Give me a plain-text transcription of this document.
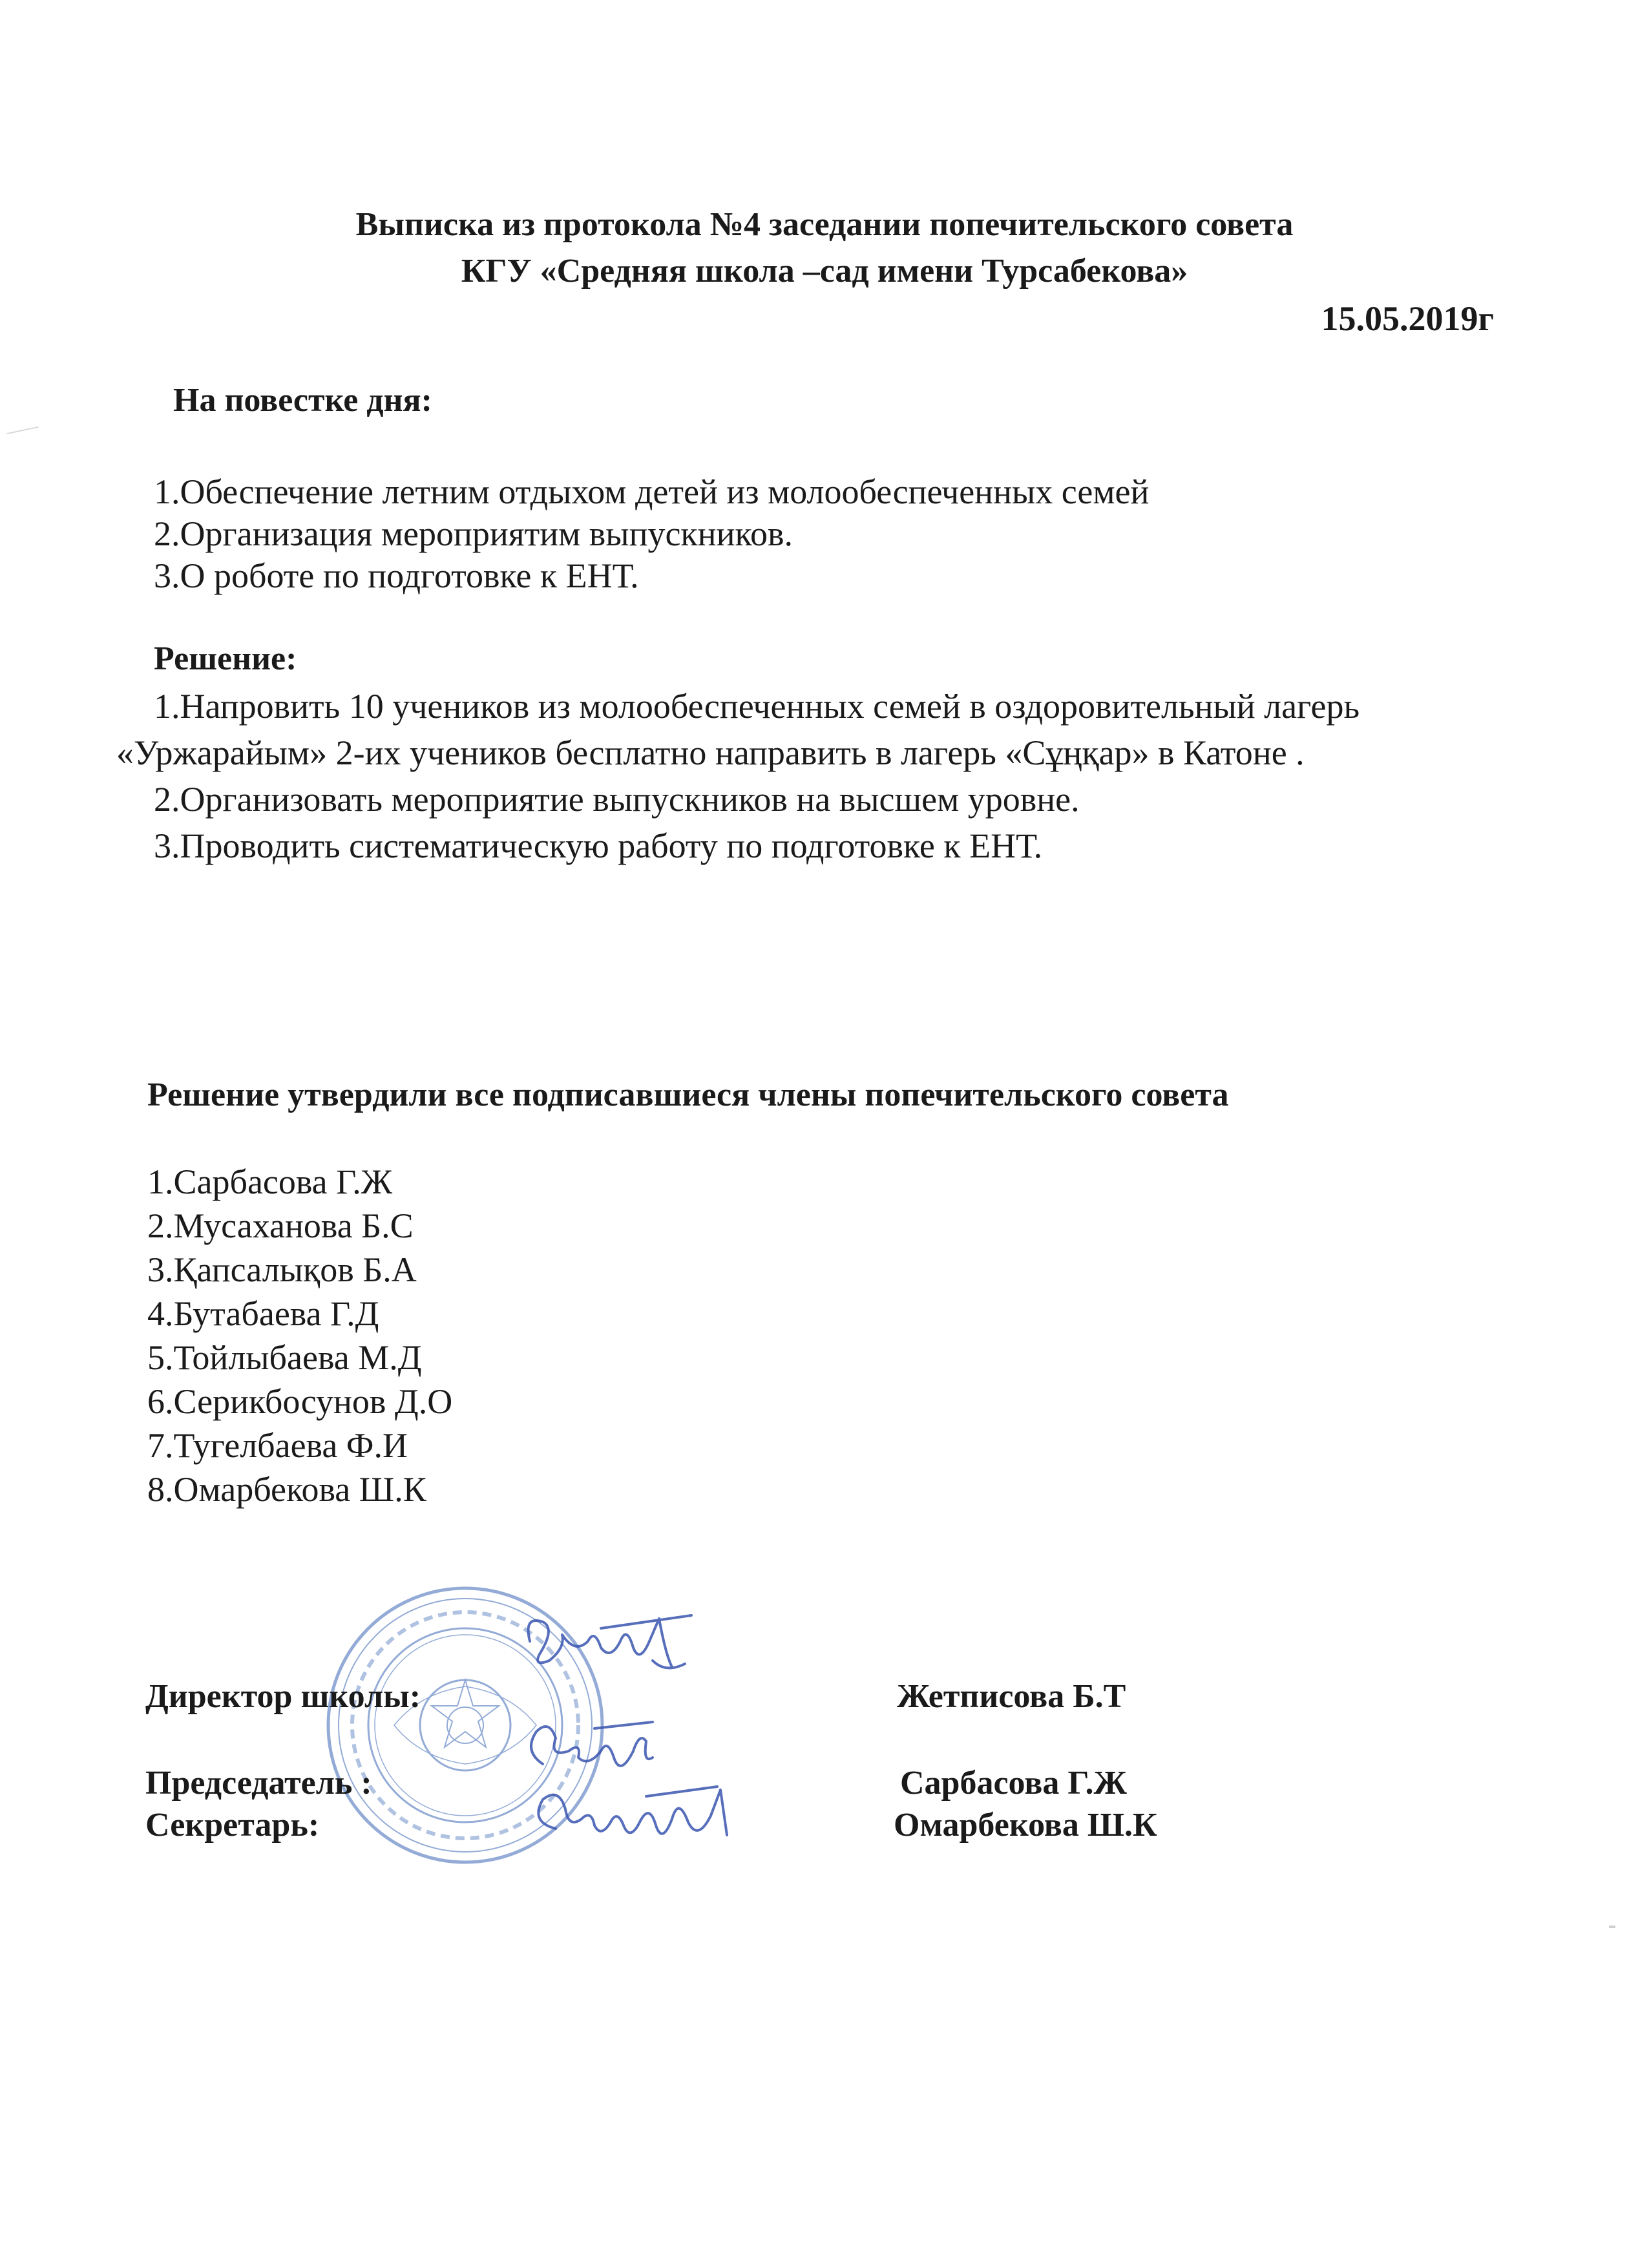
Выписка из протокола №4 заседании попечительского совета
КГУ «Средняя школа –сад имени Турсабекова»
15.05.2019г
На повестке дня:
1.Обеспечение летним отдыхом детей из молообеспеченных семей
2.Организация мероприятим выпускников.
3.О роботе по подготовке к ЕНТ.
Решение:
1.Напровить 10 учеников из молообеспеченных семей в оздоровительный лагерь
«Уржарайым» 2-их учеников бесплатно направить в лагерь «Сұңқар» в Катоне .
2.Организовать мероприятие выпускников на высшем уровне.
3.Проводить систематическую работу по подготовке к ЕНТ.
Решение утвердили все подписавшиеся члены попечительского совета
1.Сарбасова Г.Ж
2.Мусаханова Б.С
3.Қапсалықов Б.А
4.Бутабаева Г.Д
5.Тойлыбаева М.Д
6.Серикбосунов Д.О
7.Тугелбаева Ф.И
8.Омарбекова Ш.К
Директор школы:	Жетписова Б.Т
Председатель :	Сарбасова Г.Ж
Секретарь:	Омарбекова Ш.К
